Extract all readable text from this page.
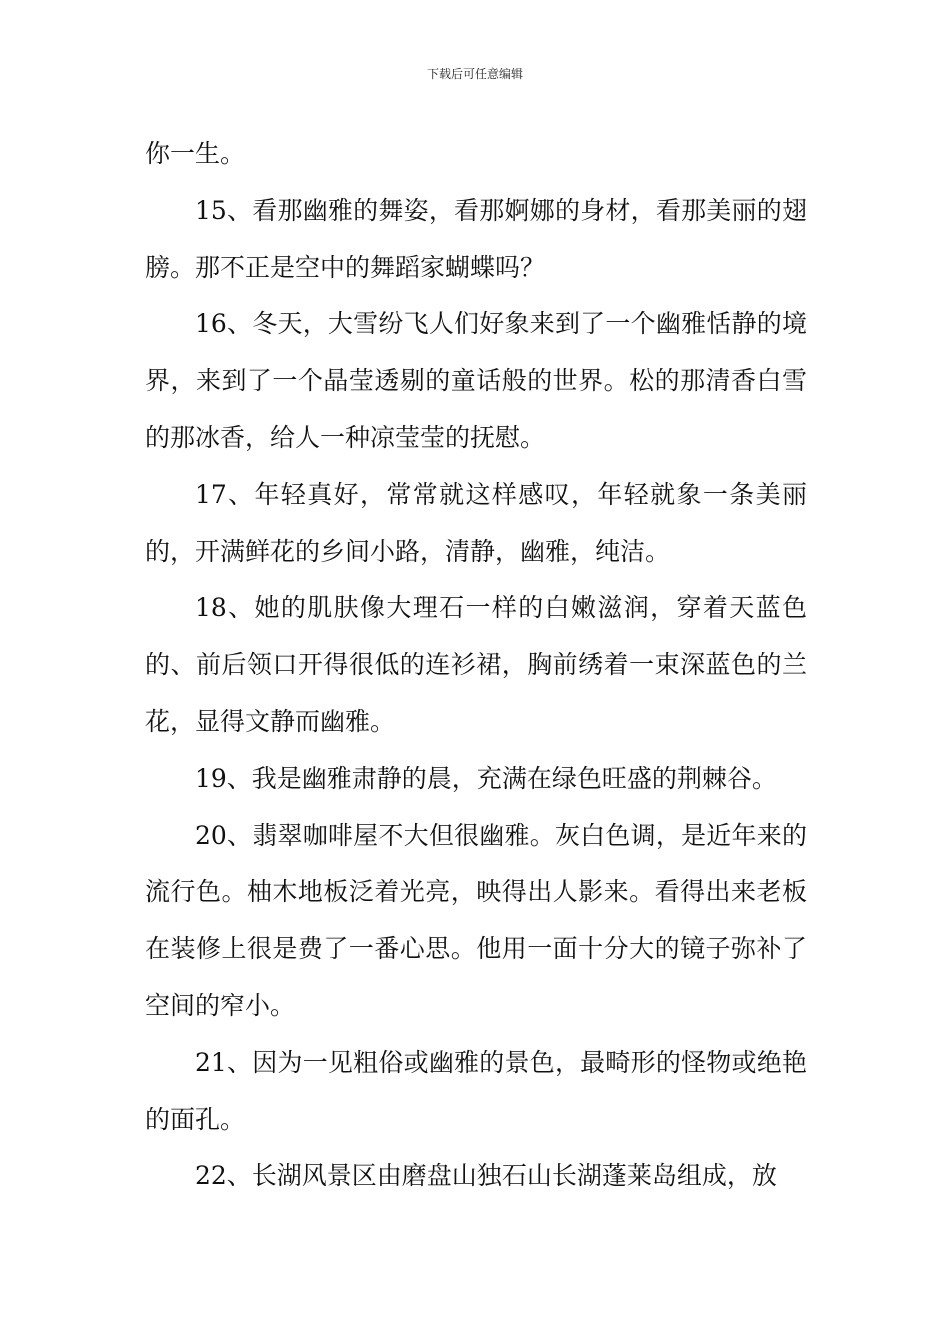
下载后可任意编辑

你一生。

15、看那幽雅的舞姿，看那婀娜的身材，看那美丽的翅膀。那不正是空中的舞蹈家蝴蝶吗？

16、冬天，大雪纷飞人们好象来到了一个幽雅恬静的境界，来到了一个晶莹透剔的童话般的世界。松的那清香白雪的那冰香，给人一种凉莹莹的抚慰。

17、年轻真好，常常就这样感叹，年轻就象一条美丽的，开满鲜花的乡间小路，清静，幽雅，纯洁。

18、她的肌肤像大理石一样的白嫩滋润，穿着天蓝色的、前后领口开得很低的连衫裙，胸前绣着一束深蓝色的兰花，显得文静而幽雅。

19、我是幽雅肃静的晨，充满在绿色旺盛的荆棘谷。

20、翡翠咖啡屋不大但很幽雅。灰白色调，是近年来的流行色。柚木地板泛着光亮，映得出人影来。看得出来老板在装修上很是费了一番心思。他用一面十分大的镜子弥补了空间的窄小。

21、因为一见粗俗或幽雅的景色，最畸形的怪物或绝艳的面孔。

22、长湖风景区由磨盘山独石山长湖蓬莱岛组成，放
